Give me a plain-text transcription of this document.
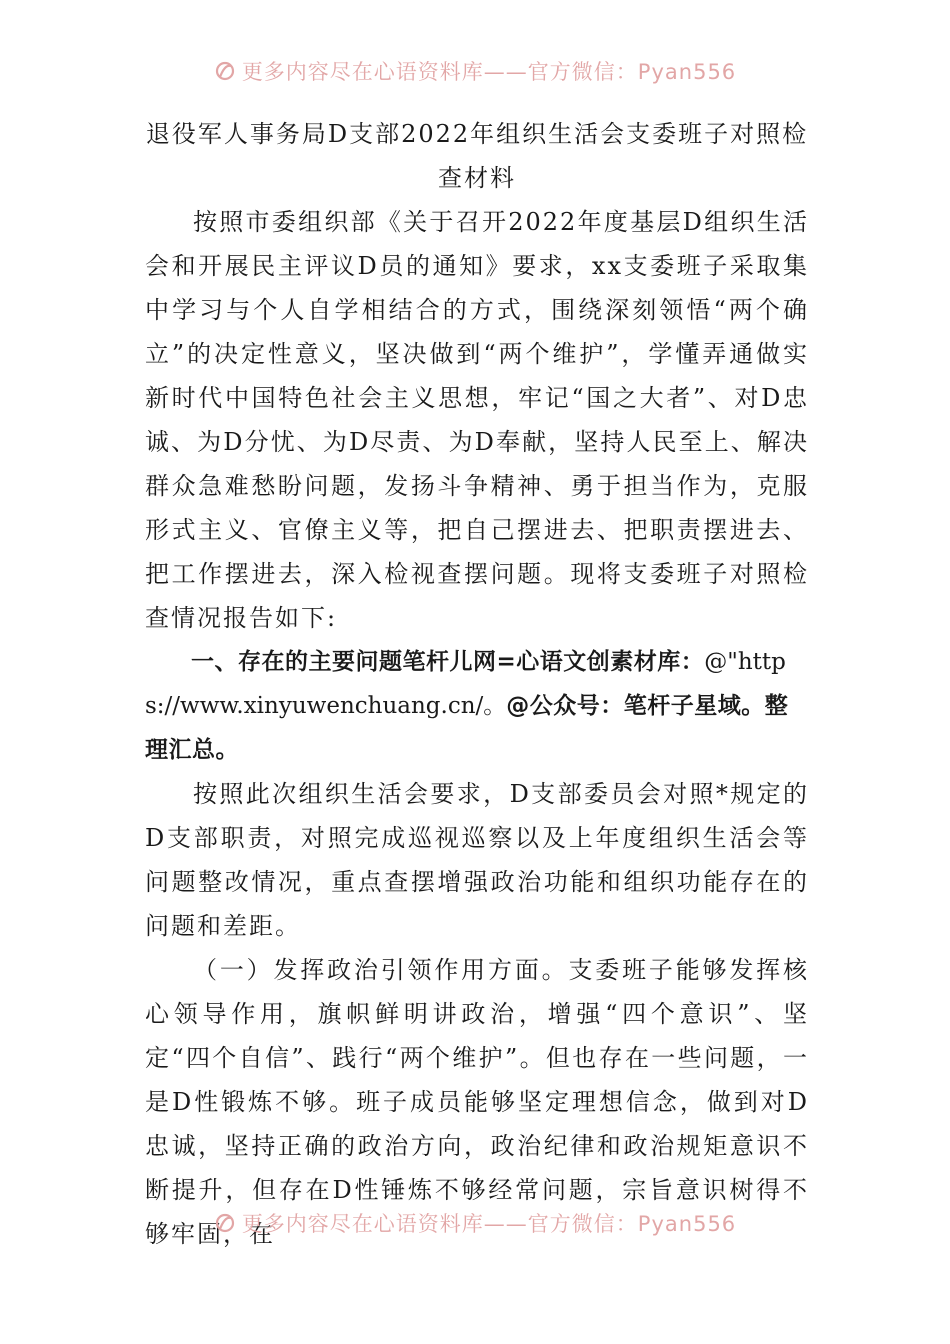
更多内容尽在心语资料库——官方微信：Pyan556
退役军人事务局D支部2022年组织生活会支委班子对照检
查材料

按照市委组织部《关于召开2022年度基层D组织生活会和开展民主评议D员的通知》要求，xx支委班子采取集中学习与个人自学相结合的方式，围绕深刻领悟“两个确立”的决定性意义，坚决做到“两个维护”，学懂弄通做实新时代中国特色社会主义思想，牢记“国之大者”、对D忠诚、为D分忧、为D尽责、为D奉献，坚持人民至上、解决群众急难愁盼问题，发扬斗争精神、勇于担当作为，克服形式主义、官僚主义等，把自己摆进去、把职责摆进去、把工作摆进去，深入检视查摆问题。现将支委班子对照检查情况报告如下:

一、存在的主要问题笔杆儿网=心语文创素材库：@"https://www.xinyuwenchuang.cn/。@公众号：笔杆子星域。整理汇总。

按照此次组织生活会要求，D支部委员会对照*规定的D支部职责，对照完成巡视巡察以及上年度组织生活会等问题整改情况，重点查摆增强政治功能和组织功能存在的问题和差距。

（一）发挥政治引领作用方面。支委班子能够发挥核心领导作用，旗帜鲜明讲政治，增强“四个意识”、坚定“四个自信”、践行“两个维护”。但也存在一些问题，一是D性锻炼不够。班子成员能够坚定理想信念，做到对D忠诚，坚持正确的政治方向，政治纪律和政治规矩意识不断提升，但存在D性锤炼不够经常问题，宗旨意识树得不够牢固，在

更多内容尽在心语资料库——官方微信：Pyan556
